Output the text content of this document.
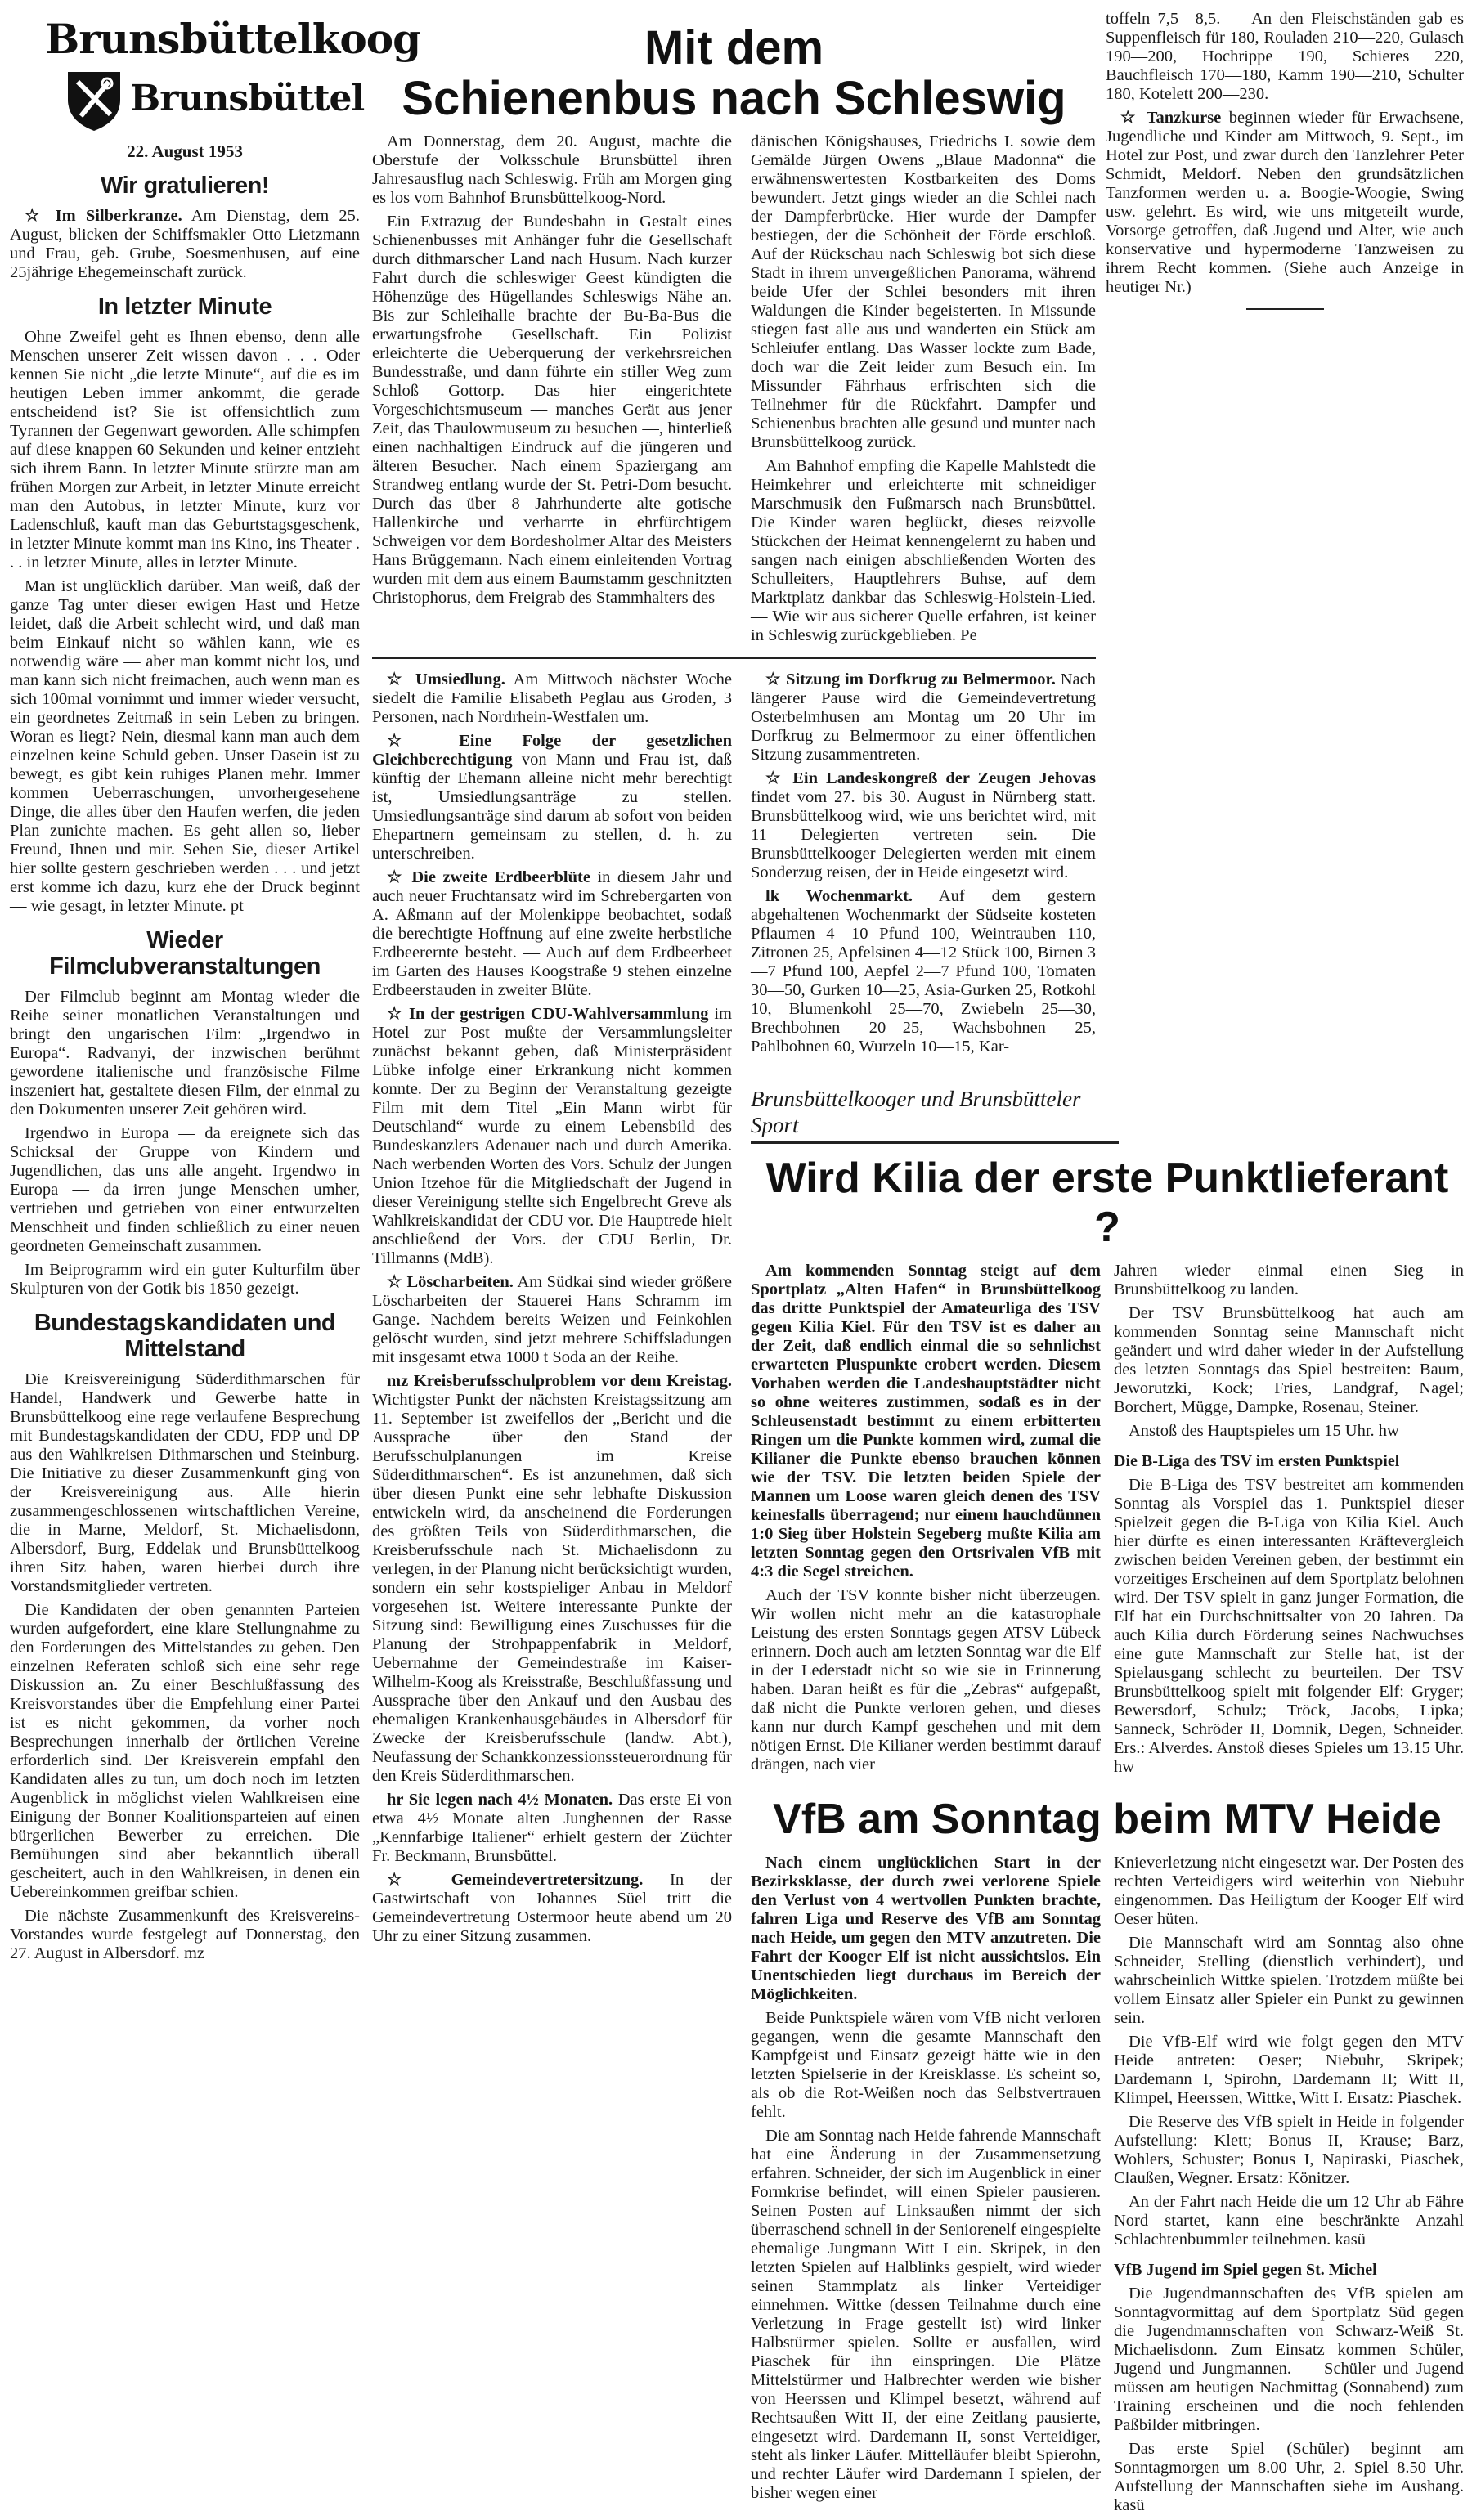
Brunsbüttelkoog
Brunsbüttel
22. August 1953
Wir gratulieren!

☆ Im Silberkranze. Am Dienstag, dem 25. August, blicken der Schiffsmakler Otto Lietzmann und Frau, geb. Grube, Soesmenhusen, auf eine 25jährige Ehegemeinschaft zurück.

In letzter Minute

Ohne Zweifel geht es Ihnen ebenso, denn alle Menschen unserer Zeit wissen davon . . . Oder kennen Sie nicht „die letzte Minute“, auf die es im heutigen Leben immer ankommt, die gerade entscheidend ist? Sie ist offensichtlich zum Tyrannen der Gegenwart geworden. Alle schimpfen auf diese knappen 60 Sekunden und keiner entzieht sich ihrem Bann. In letzter Minute stürzte man am frühen Morgen zur Arbeit, in letzter Minute erreicht man den Autobus, in letzter Minute, kurz vor Ladenschluß, kauft man das Geburtstagsgeschenk, in letzter Minute kommt man ins Kino, ins Theater . . . in letzter Minute, alles in letzter Minute.

Man ist unglücklich darüber. Man weiß, daß der ganze Tag unter dieser ewigen Hast und Hetze leidet, daß die Arbeit schlecht wird, und daß man beim Einkauf nicht so wählen kann, wie es notwendig wäre — aber man kommt nicht los, und man kann sich nicht freimachen, auch wenn man es sich 100mal vornimmt und immer wieder versucht, ein geordnetes Zeitmaß in sein Leben zu bringen. Woran es liegt? Nein, diesmal kann man auch dem einzelnen keine Schuld geben. Unser Dasein ist zu bewegt, es gibt kein ruhiges Planen mehr. Immer kommen Ueberraschungen, unvorhergesehene Dinge, die alles über den Haufen werfen, die jeden Plan zunichte machen. Es geht allen so, lieber Freund, Ihnen und mir. Sehen Sie, dieser Artikel hier sollte gestern geschrieben werden . . . und jetzt erst komme ich dazu, kurz ehe der Druck beginnt — wie gesagt, in letzter Minute. pt

Wieder Filmclubveranstaltungen

Der Filmclub beginnt am Montag wieder die Reihe seiner monatlichen Veranstaltungen und bringt den ungarischen Film: „Irgendwo in Europa“. Radvanyi, der inzwischen berühmt gewordene italienische und französische Filme inszeniert hat, gestaltete diesen Film, der einmal zu den Dokumenten unserer Zeit gehören wird.

Irgendwo in Europa — da ereignete sich das Schicksal der Gruppe von Kindern und Jugendlichen, das uns alle angeht. Irgendwo in Europa — da irren junge Menschen umher, vertrieben und getrieben von einer entwurzelten Menschheit und finden schließlich zu einer neuen geordneten Gemeinschaft zusammen.

Im Beiprogramm wird ein guter Kulturfilm über Skulpturen von der Gotik bis 1850 gezeigt.

Bundestagskandidaten und Mittelstand

Die Kreisvereinigung Süderdithmarschen für Handel, Handwerk und Gewerbe hatte in Brunsbüttelkoog eine rege verlaufene Besprechung mit Bundestagskandidaten der CDU, FDP und DP aus den Wahlkreisen Dithmarschen und Steinburg. Die Initiative zu dieser Zusammenkunft ging von der Kreisvereinigung aus. Alle hierin zusammengeschlossenen wirtschaftlichen Vereine, die in Marne, Meldorf, St. Michaelisdonn, Albersdorf, Burg, Eddelak und Brunsbüttelkoog ihren Sitz haben, waren hierbei durch ihre Vorstandsmitglieder vertreten.

Die Kandidaten der oben genannten Parteien wurden aufgefordert, eine klare Stellungnahme zu den Forderungen des Mittelstandes zu geben. Den einzelnen Referaten schloß sich eine sehr rege Diskussion an. Zu einer Beschlußfassung des Kreisvorstandes über die Empfehlung einer Partei ist es nicht gekommen, da vorher noch Besprechungen innerhalb der örtlichen Vereine erforderlich sind. Der Kreisverein empfahl den Kandidaten alles zu tun, um doch noch im letzten Augenblick in möglichst vielen Wahlkreisen eine Einigung der Bonner Koalitionsparteien auf einen bürgerlichen Bewerber zu erreichen. Die Bemühungen sind aber bekanntlich überall gescheitert, auch in den Wahlkreisen, in denen ein Uebereinkommen greifbar schien.

Die nächste Zusammenkunft des Kreisvereins-Vorstandes wurde festgelegt auf Donnerstag, den 27. August in Albersdorf. mz

Mit dem
Schienenbus nach Schleswig

Am Donnerstag, dem 20. August, machte die Oberstufe der Volksschule Brunsbüttel ihren Jahresausflug nach Schleswig. Früh am Morgen ging es los vom Bahnhof Brunsbüttelkoog-Nord.

Ein Extrazug der Bundesbahn in Gestalt eines Schienenbusses mit Anhänger fuhr die Gesellschaft durch dithmarscher Land nach Husum. Nach kurzer Fahrt durch die schleswiger Geest kündigten die Höhenzüge des Hügellandes Schleswigs Nähe an. Bis zur Schleihalle brachte der Bu-Ba-Bus die erwartungsfrohe Gesellschaft. Ein Polizist erleichterte die Ueberquerung der verkehrsreichen Bundesstraße, und dann führte ein stiller Weg zum Schloß Gottorp. Das hier eingerichtete Vorgeschichtsmuseum — manches Gerät aus jener Zeit, das Thaulowmuseum zu besuchen —, hinterließ einen nachhaltigen Eindruck auf die jüngeren und älteren Besucher. Nach einem Spaziergang am Strandweg entlang wurde der St. Petri-Dom besucht. Durch das über 8 Jahrhunderte alte gotische Hallenkirche und verharrte in ehrfürchtigem Schweigen vor dem Bordesholmer Altar des Meisters Hans Brüggemann. Nach einem einleitenden Vortrag wurden mit dem aus einem Baumstamm geschnitzten Christophorus, dem Freigrab des Stammhalters des

dänischen Königshauses, Friedrichs I. sowie dem Gemälde Jürgen Owens „Blaue Madonna“ die erwähnenswertesten Kostbarkeiten des Doms bewundert. Jetzt gings wieder an die Schlei nach der Dampferbrücke. Hier wurde der Dampfer bestiegen, der die Schönheit der Förde erschloß. Auf der Rückschau nach Schleswig bot sich diese Stadt in ihrem unvergeßlichen Panorama, während beide Ufer der Schlei besonders mit ihren Waldungen die Kinder begeisterten. In Missunde stiegen fast alle aus und wanderten ein Stück am Schleiufer entlang. Das Wasser lockte zum Bade, doch war die Zeit leider zum Besuch ein. Im Missunder Fährhaus erfrischten sich die Teilnehmer für die Rückfahrt. Dampfer und Schienenbus brachten alle gesund und munter nach Brunsbüttelkoog zurück.

Am Bahnhof empfing die Kapelle Mahlstedt die Heimkehrer und erleichterte mit schneidiger Marschmusik den Fußmarsch nach Brunsbüttel. Die Kinder waren beglückt, dieses reizvolle Stückchen der Heimat kennengelernt zu haben und sangen nach einigen abschließenden Worten des Schulleiters, Hauptlehrers Buhse, auf dem Marktplatz dankbar das Schleswig-Holstein-Lied. — Wie wir aus sicherer Quelle erfahren, ist keiner in Schleswig zurückgeblieben. Pe

toffeln 7,5—8,5. — An den Fleischständen gab es Suppenfleisch für 180, Rouladen 210—220, Gulasch 190—200, Hochrippe 190, Schieres 220, Bauchfleisch 170—180, Kamm 190—210, Schulter 180, Kotelett 200—230.

☆ Tanzkurse beginnen wieder für Erwachsene, Jugendliche und Kinder am Mittwoch, 9. Sept., im Hotel zur Post, und zwar durch den Tanzlehrer Peter Schmidt, Meldorf. Neben den grundsätzlichen Tanzformen werden u. a. Boogie-Woogie, Swing usw. gelehrt. Es wird, wie uns mitgeteilt wurde, Vorsorge getroffen, daß Jugend und Alter, wie auch konservative und hypermoderne Tanzweisen zu ihrem Recht kommen. (Siehe auch Anzeige in heutiger Nr.)

☆ Umsiedlung. Am Mittwoch nächster Woche siedelt die Familie Elisabeth Peglau aus Groden, 3 Personen, nach Nordrhein-Westfalen um.

☆ Eine Folge der gesetzlichen Gleichberechtigung von Mann und Frau ist, daß künftig der Ehemann alleine nicht mehr berechtigt ist, Umsiedlungsanträge zu stellen. Umsiedlungsanträge sind darum ab sofort von beiden Ehepartnern gemeinsam zu stellen, d. h. zu unterschreiben.

☆ Die zweite Erdbeerblüte in diesem Jahr und auch neuer Fruchtansatz wird im Schrebergarten von A. Aßmann auf der Molenkippe beobachtet, sodaß die berechtigte Hoffnung auf eine zweite herbstliche Erdbeerernte besteht. — Auch auf dem Erdbeerbeet im Garten des Hauses Koogstraße 9 stehen einzelne Erdbeerstauden in zweiter Blüte.

☆ In der gestrigen CDU-Wahlversammlung im Hotel zur Post mußte der Versammlungsleiter zunächst bekannt geben, daß Ministerpräsident Lübke infolge einer Erkrankung nicht kommen konnte. Der zu Beginn der Veranstaltung gezeigte Film mit dem Titel „Ein Mann wirbt für Deutschland“ wurde zu einem Lebensbild des Bundeskanzlers Adenauer nach und durch Amerika. Nach werbenden Worten des Vors. Schulz der Jungen Union Itzehoe für die Mitgliedschaft der Jugend in dieser Vereinigung stellte sich Engelbrecht Greve als Wahlkreiskandidat der CDU vor. Die Hauptrede hielt anschließend der Vors. der CDU Berlin, Dr. Tillmanns (MdB).

☆ Löscharbeiten. Am Südkai sind wieder größere Löscharbeiten der Stauerei Hans Schramm im Gange. Nachdem bereits Weizen und Feinkohlen gelöscht wurden, sind jetzt mehrere Schiffsladungen mit insgesamt etwa 1000 t Soda an der Reihe.

mz Kreisberufsschulproblem vor dem Kreistag. Wichtigster Punkt der nächsten Kreistagssitzung am 11. September ist zweifellos der „Bericht und die Aussprache über den Stand der Berufsschulplanungen im Kreise Süderdithmarschen“. Es ist anzunehmen, daß sich über diesen Punkt eine sehr lebhafte Diskussion entwickeln wird, da anscheinend die Forderungen des größten Teils von Süderdithmarschen, die Kreisberufsschule nach St. Michaelisdonn zu verlegen, in der Planung nicht berücksichtigt wurden, sondern ein sehr kostspieliger Anbau in Meldorf vorgesehen ist. Weitere interessante Punkte der Sitzung sind: Bewilligung eines Zuschusses für die Planung der Strohpappenfabrik in Meldorf, Uebernahme der Gemeindestraße im Kaiser-Wilhelm-Koog als Kreisstraße, Beschlußfassung und Aussprache über den Ankauf und den Ausbau des ehemaligen Krankenhausgebäudes in Albersdorf für Zwecke der Kreisberufsschule (landw. Abt.), Neufassung der Schankkonzessionssteuerordnung für den Kreis Süderdithmarschen.

hr Sie legen nach 4½ Monaten. Das erste Ei von etwa 4½ Monate alten Junghennen der Rasse „Kennfarbige Italiener“ erhielt gestern der Züchter Fr. Beckmann, Brunsbüttel.

☆ Gemeindevertretersitzung. In der Gastwirtschaft von Johannes Süel tritt die Gemeindevertretung Ostermoor heute abend um 20 Uhr zu einer Sitzung zusammen.

☆ Sitzung im Dorfkrug zu Belmermoor. Nach längerer Pause wird die Gemeindevertretung Osterbelmhusen am Montag um 20 Uhr im Dorfkrug zu Belmermoor zu einer öffentlichen Sitzung zusammentreten.

☆ Ein Landeskongreß der Zeugen Jehovas findet vom 27. bis 30. August in Nürnberg statt. Brunsbüttelkoog wird, wie uns berichtet wird, mit 11 Delegierten vertreten sein. Die Brunsbüttelkooger Delegierten werden mit einem Sonderzug reisen, der in Heide eingesetzt wird.

lk Wochenmarkt. Auf dem gestern abgehaltenen Wochenmarkt der Südseite kosteten Pflaumen 4—10 Pfund 100, Weintrauben 110, Zitronen 25, Apfelsinen 4—12 Stück 100, Birnen 3—7 Pfund 100, Aepfel 2—7 Pfund 100, Tomaten 30—50, Gurken 10—25, Asia-Gurken 25, Rotkohl 10, Blumenkohl 25—70, Zwiebeln 25—30, Brechbohnen 20—25, Wachsbohnen 25, Pahlbohnen 60, Wurzeln 10—15, Kar-

Brunsbüttelkooger und Brunsbütteler Sport
Wird Kilia der erste Punktlieferant ?

Am kommenden Sonntag steigt auf dem Sportplatz „Alten Hafen“ in Brunsbüttelkoog das dritte Punktspiel der Amateurliga des TSV gegen Kilia Kiel. Für den TSV ist es daher an der Zeit, daß endlich einmal die so sehnlichst erwarteten Pluspunkte erobert werden. Diesem Vorhaben werden die Landeshauptstädter nicht so ohne weiteres zustimmen, sodaß es in der Schleusenstadt bestimmt zu einem erbitterten Ringen um die Punkte kommen wird, zumal die Kilianer die Punkte ebenso brauchen können wie der TSV. Die letzten beiden Spiele der Mannen um Loose waren gleich denen des TSV keinesfalls überragend; nur einem hauchdünnen 1:0 Sieg über Holstein Segeberg mußte Kilia am letzten Sonntag gegen den Ortsrivalen VfB mit 4:3 die Segel streichen.

Auch der TSV konnte bisher nicht überzeugen. Wir wollen nicht mehr an die katastrophale Leistung des ersten Sonntags gegen ATSV Lübeck erinnern. Doch auch am letzten Sonntag war die Elf in der Lederstadt nicht so wie sie in Erinnerung haben. Daran heißt es für die „Zebras“ aufgepaßt, daß nicht die Punkte verloren gehen, und dieses kann nur durch Kampf geschehen und mit dem nötigen Ernst. Die Kilianer werden bestimmt darauf drängen, nach vier

Jahren wieder einmal einen Sieg in Brunsbüttelkoog zu landen.

Der TSV Brunsbüttelkoog hat auch am kommenden Sonntag seine Mannschaft nicht geändert und wird daher wieder in der Aufstellung des letzten Sonntags das Spiel bestreiten: Baum, Jeworutzki, Kock; Fries, Landgraf, Nagel; Borchert, Mügge, Dampke, Rosenau, Steiner.

Anstoß des Hauptspieles um 15 Uhr. hw

Die B-Liga des TSV im ersten Punktspiel

Die B-Liga des TSV bestreitet am kommenden Sonntag als Vorspiel das 1. Punktspiel dieser Spielzeit gegen die B-Liga von Kilia Kiel. Auch hier dürfte es einen interessanten Kräftevergleich zwischen beiden Vereinen geben, der bestimmt ein vorzeitiges Erscheinen auf dem Sportplatz belohnen wird. Der TSV spielt in ganz junger Formation, die Elf hat ein Durchschnittsalter von 20 Jahren. Da auch Kilia durch Förderung seines Nachwuchses eine gute Mannschaft zur Stelle hat, ist der Spielausgang schlecht zu beurteilen. Der TSV Brunsbüttelkoog spielt mit folgender Elf: Gryger; Bewersdorf, Schulz; Tröck, Jacobs, Lipka; Sanneck, Schröder II, Domnik, Degen, Schneider. Ers.: Alverdes. Anstoß dieses Spieles um 13.15 Uhr. hw

VfB am Sonntag beim MTV Heide

Nach einem unglücklichen Start in der Bezirksklasse, der durch zwei verlorene Spiele den Verlust von 4 wertvollen Punkten brachte, fahren Liga und Reserve des VfB am Sonntag nach Heide, um gegen den MTV anzutreten. Die Fahrt der Kooger Elf ist nicht aussichtslos. Ein Unentschieden liegt durchaus im Bereich der Möglichkeiten.

Beide Punktspiele wären vom VfB nicht verloren gegangen, wenn die gesamte Mannschaft den Kampfgeist und Einsatz gezeigt hätte wie in den letzten Spielserie in der Kreisklasse. Es scheint so, als ob die Rot-Weißen noch das Selbstvertrauen fehlt.

Die am Sonntag nach Heide fahrende Mannschaft hat eine Änderung in der Zusammensetzung erfahren. Schneider, der sich im Augenblick in einer Formkrise befindet, will einen Spieler pausieren. Seinen Posten auf Linksaußen nimmt der sich überraschend schnell in der Seniorenelf eingespielte ehemalige Jungmann Witt I ein. Skripek, in den letzten Spielen auf Halblinks gespielt, wird wieder seinen Stammplatz als linker Verteidiger einnehmen. Wittke (dessen Teilnahme durch eine Verletzung in Frage gestellt ist) wird linker Halbstürmer spielen. Sollte er ausfallen, wird Piaschek für ihn einspringen. Die Plätze Mittelstürmer und Halbrechter werden wie bisher von Heerssen und Klimpel besetzt, während auf Rechtsaußen Witt II, der eine Zeitlang pausierte, eingesetzt wird. Dardemann II, sonst Verteidiger, steht als linker Läufer. Mittelläufer bleibt Spierohn, und rechter Läufer wird Dardemann I spielen, der bisher wegen einer

Knieverletzung nicht eingesetzt war. Der Posten des rechten Verteidigers wird weiterhin von Niebuhr eingenommen. Das Heiligtum der Kooger Elf wird Oeser hüten.

Die Mannschaft wird am Sonntag also ohne Schneider, Stelling (dienstlich verhindert), und wahrscheinlich Wittke spielen. Trotzdem müßte bei vollem Einsatz aller Spieler ein Punkt zu gewinnen sein.

Die VfB-Elf wird wie folgt gegen den MTV Heide antreten: Oeser; Niebuhr, Skripek; Dardemann I, Spirohn, Dardemann II; Witt II, Klimpel, Heerssen, Wittke, Witt I. Ersatz: Piaschek.

Die Reserve des VfB spielt in Heide in folgender Aufstellung: Klett; Bonus II, Krause; Barz, Wohlers, Schuster; Bonus I, Napiraski, Piaschek, Claußen, Wegner. Ersatz: Könitzer.

An der Fahrt nach Heide die um 12 Uhr ab Fähre Nord startet, kann eine beschränkte Anzahl Schlachtenbummler teilnehmen. kasü

VfB Jugend im Spiel gegen St. Michel

Die Jugendmannschaften des VfB spielen am Sonntagvormittag auf dem Sportplatz Süd gegen die Jugendmannschaften von Schwarz-Weiß St. Michaelisdonn. Zum Einsatz kommen Schüler, Jugend und Jungmannen. — Schüler und Jugend müssen am heutigen Nachmittag (Sonnabend) zum Training erscheinen und die noch fehlenden Paßbilder mitbringen.

Das erste Spiel (Schüler) beginnt am Sonntagmorgen um 8.00 Uhr, 2. Spiel 8.50 Uhr. Aufstellung der Mannschaften siehe im Aushang. kasü
